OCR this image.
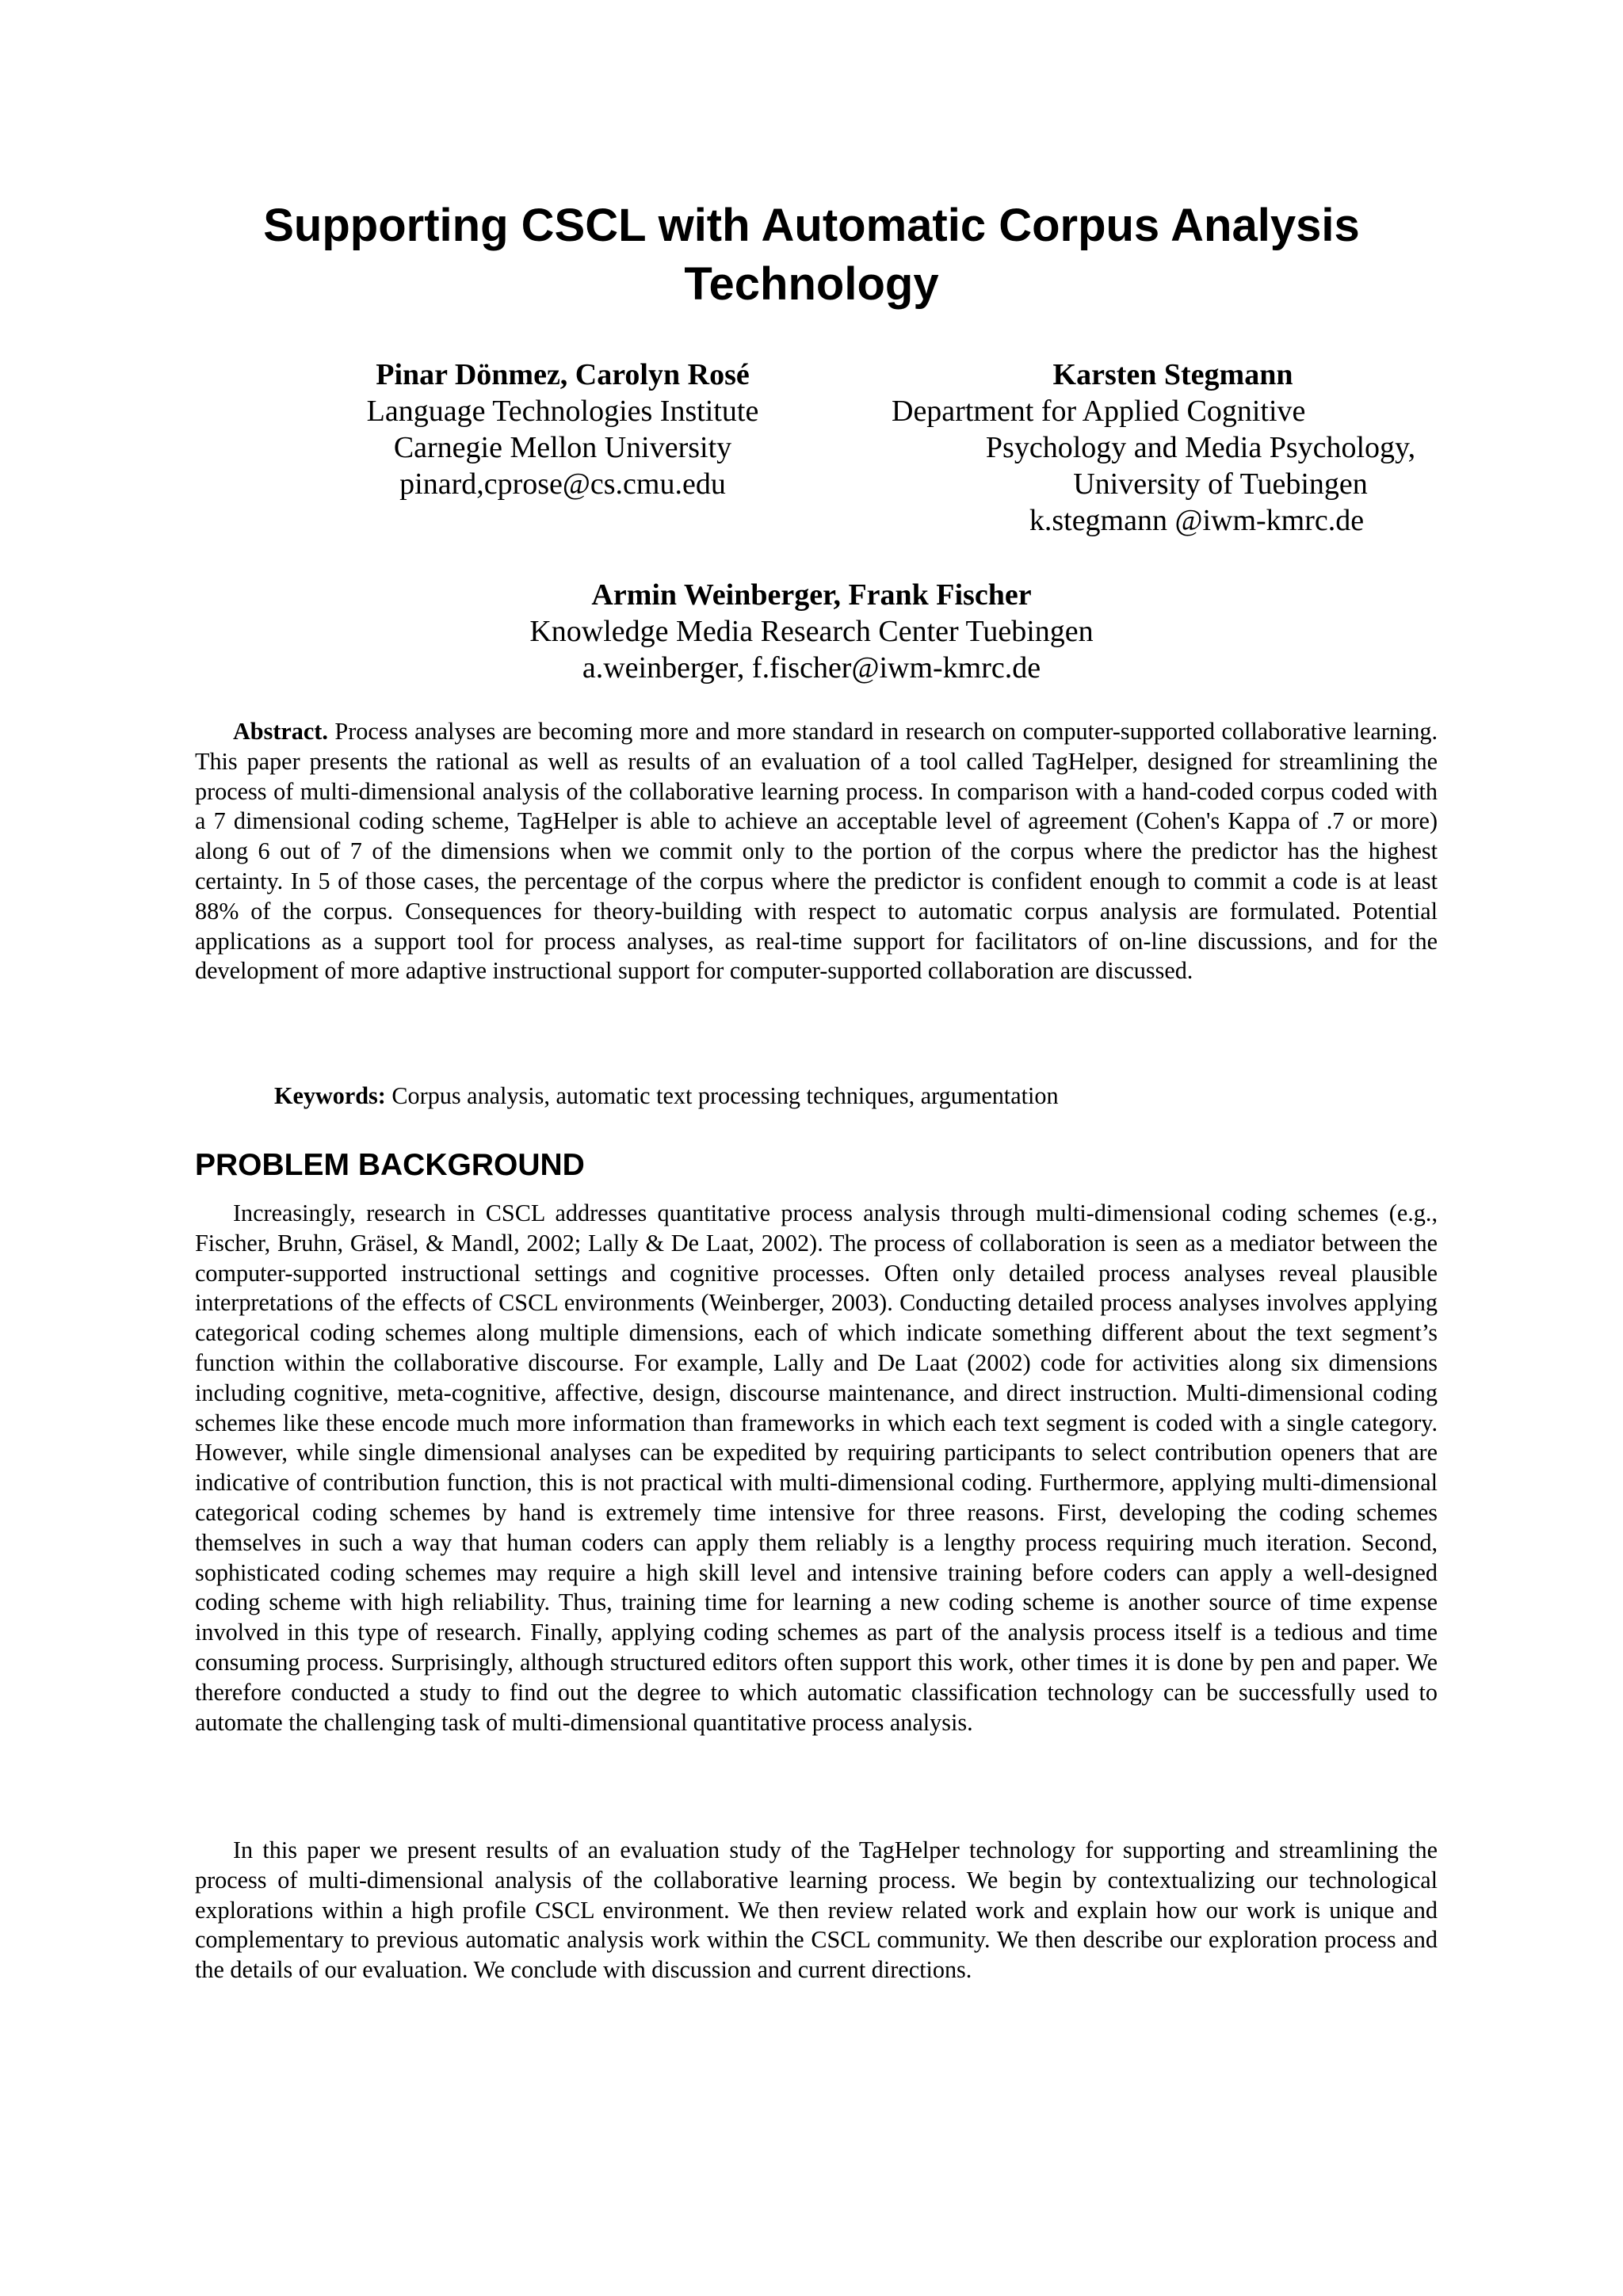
Supporting CSCL with Automatic Corpus Analysis Technology
Pinar Dönmez, Carolyn Rosé
Language Technologies Institute
Carnegie Mellon University
pinard,cprose@cs.cmu.edu
Karsten Stegmann
Department for Applied Cognitive
Psychology and Media Psychology,
University of Tuebingen
k.stegmann @iwm-kmrc.de
Armin Weinberger, Frank Fischer
Knowledge Media Research Center Tuebingen
a.weinberger, f.fischer@iwm-kmrc.de

Abstract. Process analyses are becoming more and more standard in research on computer-supported collaborative learning. This paper presents the rational as well as results of an evaluation of a tool called TagHelper, designed for streamlining the process of multi-dimensional analysis of the collaborative learning process. In comparison with a hand-coded corpus coded with a 7 dimensional coding scheme, TagHelper is able to achieve an acceptable level of agreement (Cohen's Kappa of .7 or more) along 6 out of 7 of the dimensions when we commit only to the portion of the corpus where the predictor has the highest certainty. In 5 of those cases, the percentage of the corpus where the predictor is confident enough to commit a code is at least 88% of the corpus. Consequences for theory-building with respect to automatic corpus analysis are formulated. Potential applications as a support tool for process analyses, as real-time support for facilitators of on-line discussions, and for the development of more adaptive instructional support for computer-supported collaboration are discussed.

Keywords: Corpus analysis, automatic text processing techniques, argumentation

PROBLEM BACKGROUND

Increasingly, research in CSCL addresses quantitative process analysis through multi-dimensional coding schemes (e.g., Fischer, Bruhn, Gräsel, & Mandl, 2002; Lally & De Laat, 2002). The process of collaboration is seen as a mediator between the computer-supported instructional settings and cognitive processes. Often only detailed process analyses reveal plausible interpretations of the effects of CSCL environments (Weinberger, 2003). Conducting detailed process analyses involves applying categorical coding schemes along multiple dimensions, each of which indicate something different about the text segment’s function within the collaborative discourse. For example, Lally and De Laat (2002) code for activities along six dimensions including cognitive, meta-cognitive, affective, design, discourse maintenance, and direct instruction. Multi-dimensional coding schemes like these encode much more information than frameworks in which each text segment is coded with a single category. However, while single dimensional analyses can be expedited by requiring participants to select contribution openers that are indicative of contribution function, this is not practical with multi-dimensional coding. Furthermore, applying multi-dimensional categorical coding schemes by hand is extremely time intensive for three reasons. First, developing the coding schemes themselves in such a way that human coders can apply them reliably is a lengthy process requiring much iteration. Second, sophisticated coding schemes may require a high skill level and intensive training before coders can apply a well-designed coding scheme with high reliability. Thus, training time for learning a new coding scheme is another source of time expense involved in this type of research. Finally, applying coding schemes as part of the analysis process itself is a tedious and time consuming process. Surprisingly, although structured editors often support this work, other times it is done by pen and paper. We therefore conducted a study to find out the degree to which automatic classification technology can be successfully used to automate the challenging task of multi-dimensional quantitative process analysis.

In this paper we present results of an evaluation study of the TagHelper technology for supporting and streamlining the process of multi-dimensional analysis of the collaborative learning process. We begin by contextualizing our technological explorations within a high profile CSCL environment. We then review related work and explain how our work is unique and complementary to previous automatic analysis work within the CSCL community. We then describe our exploration process and the details of our evaluation. We conclude with discussion and current directions.
